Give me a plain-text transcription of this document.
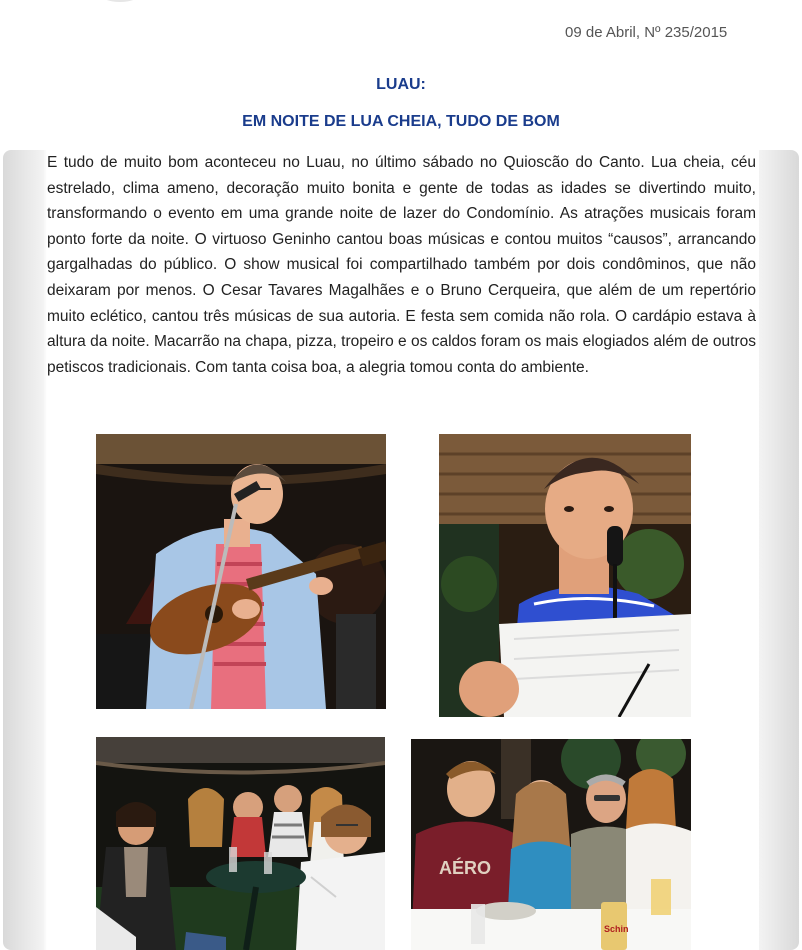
09 de Abril, Nº 235/2015
LUAU:
EM NOITE DE LUA CHEIA, TUDO DE BOM

E tudo de muito bom aconteceu no Luau, no último sábado no Quioscão do Canto. Lua cheia, céu estrelado, clima ameno, decoração muito bonita e gente de todas as idades se divertindo muito, transformando o evento em uma grande noite de lazer do Condomínio. As atrações musicais foram ponto forte da noite. O virtuoso Geninho cantou boas músicas e contou muitos “causos”, arrancando gargalhadas do público. O show musical foi compartilhado também por dois condôminos, que não deixaram por menos. O Cesar Tavares Magalhães e o Bruno Cerqueira, que além de um repertório muito eclético, cantou três músicas de sua autoria. E festa sem comida não rola. O cardápio estava à altura da noite. Macarrão na chapa, pizza, tropeiro e os caldos foram os mais elogiados além de outros petiscos tradicionais. Com tanta coisa boa, a alegria tomou conta do ambiente.

AÉRO
Schin
